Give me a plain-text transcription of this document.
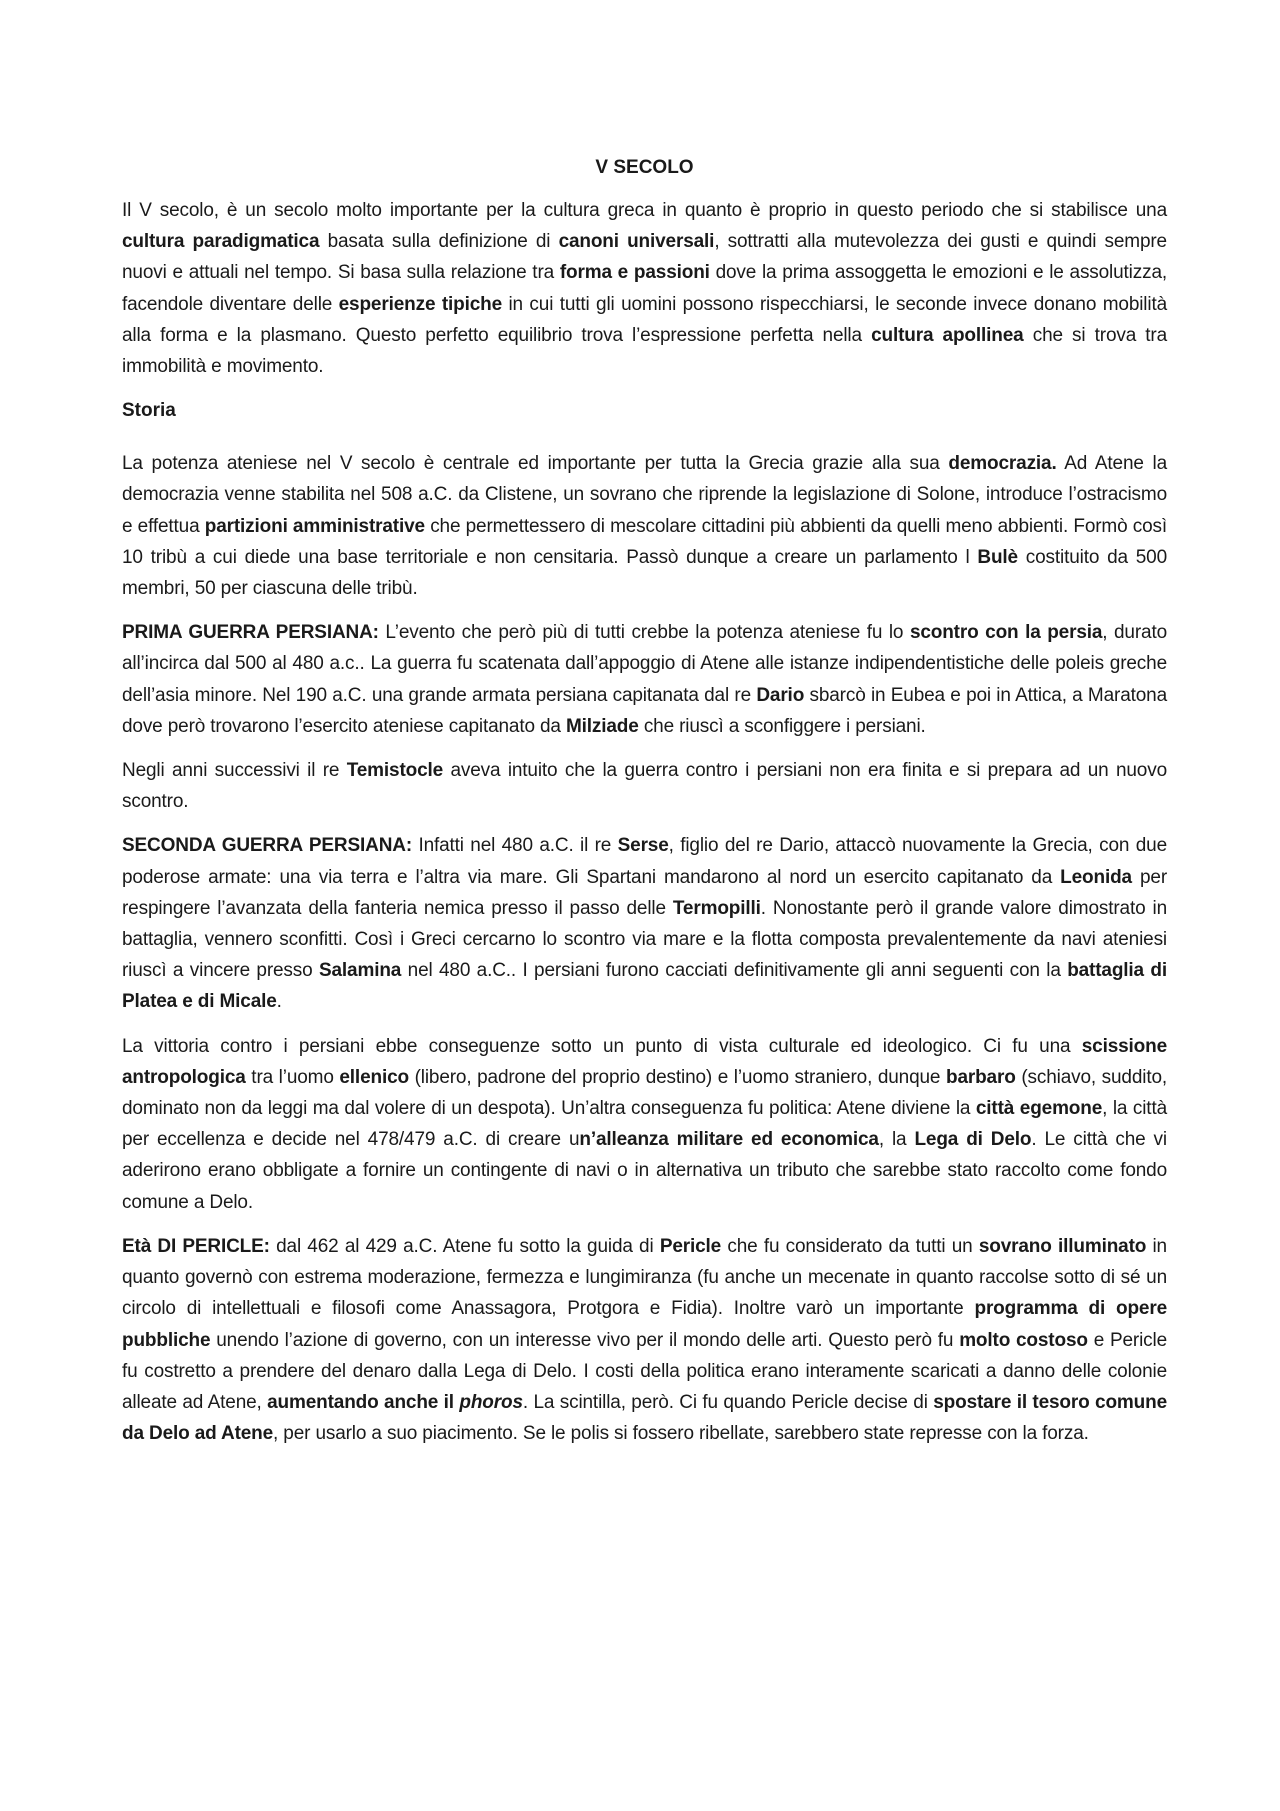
V SECOLO

Il V secolo, è un secolo molto importante per la cultura greca in quanto è proprio in questo periodo che si stabilisce una cultura paradigmatica basata sulla definizione di canoni universali, sottratti alla mutevolezza dei gusti e quindi sempre nuovi e attuali nel tempo. Si basa sulla relazione tra forma e passioni dove la prima assoggetta le emozioni e le assolutizza, facendole diventare delle esperienze tipiche in cui tutti gli uomini possono rispecchiarsi, le seconde invece donano mobilità alla forma e la plasmano. Questo perfetto equilibrio trova l’espressione perfetta nella cultura apollinea che si trova tra immobilità e movimento.

Storia

La potenza ateniese nel V secolo è centrale ed importante per tutta la Grecia grazie alla sua democrazia. Ad Atene la democrazia venne stabilita nel 508 a.C. da Clistene, un sovrano che riprende la legislazione di Solone, introduce l’ostracismo e effettua partizioni amministrative che permettessero di mescolare cittadini più abbienti da quelli meno abbienti. Formò così 10 tribù a cui diede una base territoriale e non censitaria. Passò dunque a creare un parlamento l Bulè costituito da 500 membri, 50 per ciascuna delle tribù.

PRIMA GUERRA PERSIANA: L’evento che però più di tutti crebbe la potenza ateniese fu lo scontro con la persia, durato all’incirca dal 500 al 480 a.c.. La guerra fu scatenata dall’appoggio di Atene alle istanze indipendentistiche delle poleis greche dell’asia minore. Nel 190 a.C. una grande armata persiana capitanata dal re Dario sbarcò in Eubea e poi in Attica, a Maratona dove però trovarono l’esercito ateniese capitanato da Milziade che riuscì a sconfiggere i persiani.

Negli anni successivi il re Temistocle aveva intuito che la guerra contro i persiani non era finita e si prepara ad un nuovo scontro.

SECONDA GUERRA PERSIANA: Infatti nel 480 a.C. il re Serse, figlio del re Dario, attaccò nuovamente la Grecia, con due poderose armate: una via terra e l’altra via mare. Gli Spartani mandarono al nord un esercito capitanato da Leonida per respingere l’avanzata della fanteria nemica presso il passo delle Termopilli. Nonostante però il grande valore dimostrato in battaglia, vennero sconfitti. Così i Greci cercarno lo scontro via mare e la flotta composta prevalentemente da navi ateniesi riuscì a vincere presso Salamina nel 480 a.C.. I persiani furono cacciati definitivamente gli anni seguenti con la battaglia di Platea e di Micale.

La vittoria contro i persiani ebbe conseguenze sotto un punto di vista culturale ed ideologico. Ci fu una scissione antropologica tra l’uomo ellenico (libero, padrone del proprio destino) e l’uomo straniero, dunque barbaro (schiavo, suddito, dominato non da leggi ma dal volere di un despota). Un’altra conseguenza fu politica: Atene diviene la città egemone, la città per eccellenza e decide nel 478/479 a.C. di creare un’alleanza militare ed economica, la Lega di Delo. Le città che vi aderirono erano obbligate a fornire un contingente di navi o in alternativa un tributo che sarebbe stato raccolto come fondo comune a Delo.

Età DI PERICLE: dal 462 al 429 a.C. Atene fu sotto la guida di Pericle che fu considerato da tutti un sovrano illuminato in quanto governò con estrema moderazione, fermezza e lungimiranza (fu anche un mecenate in quanto raccolse sotto di sé un circolo di intellettuali e filosofi come Anassagora, Protgora e Fidia). Inoltre varò un importante programma di opere pubbliche unendo l’azione di governo, con un interesse vivo per il mondo delle arti. Questo però fu molto costoso e Pericle fu costretto a prendere del denaro dalla Lega di Delo. I costi della politica erano interamente scaricati a danno delle colonie alleate ad Atene, aumentando anche il phoros. La scintilla, però. Ci fu quando Pericle decise di spostare il tesoro comune da Delo ad Atene, per usarlo a suo piacimento. Se le polis si fossero ribellate, sarebbero state represse con la forza.
